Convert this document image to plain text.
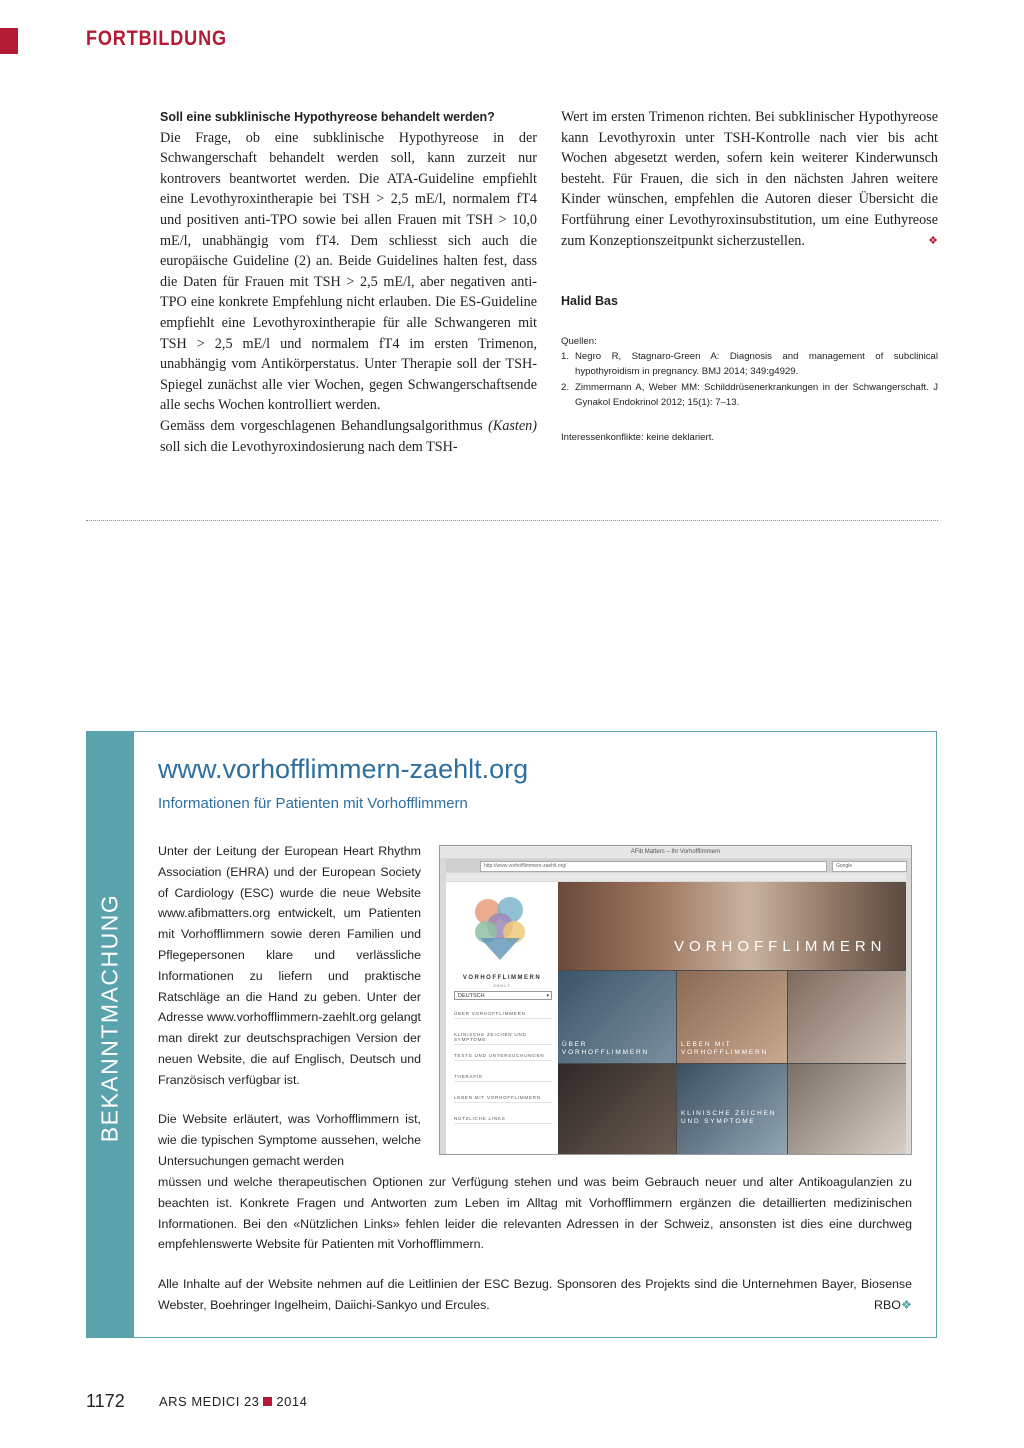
FORTBILDUNG

Soll eine subklinische Hypothyreose behandelt werden?

Die Frage, ob eine subklinische Hypothyreose in der Schwangerschaft behandelt werden soll, kann zurzeit nur kontrovers beantwortet werden. Die ATA-Guideline empfiehlt eine Levothyroxintherapie bei TSH > 2,5 mE/l, normalem fT4 und positiven anti-TPO sowie bei allen Frauen mit TSH > 10,0 mE/l, unabhängig vom fT4. Dem schliesst sich auch die europäische Guideline (2) an. Beide Guidelines halten fest, dass die Daten für Frauen mit TSH > 2,5 mE/l, aber negativen anti-TPO eine konkrete Empfehlung nicht erlauben. Die ES-Guideline empfiehlt eine Levothyroxintherapie für alle Schwangeren mit TSH > 2,5 mE/l und normalem fT4 im ersten Trimenon, unabhängig vom Antikörperstatus. Unter Therapie soll der TSH-Spiegel zunächst alle vier Wochen, gegen Schwangerschaftsende alle sechs Wochen kontrolliert werden.

Gemäss dem vorgeschlagenen Behandlungsalgorithmus (Kasten) soll sich die Levothyroxindosierung nach dem TSH-

Wert im ersten Trimenon richten. Bei subklinischer Hypothyreose kann Levothyroxin unter TSH-Kontrolle nach vier bis acht Wochen abgesetzt werden, sofern kein weiterer Kinderwunsch besteht. Für Frauen, die sich in den nächsten Jahren weitere Kinder wünschen, empfehlen die Autoren dieser Übersicht die Fortführung einer Levothyroxinsubstitution, um eine Euthyreose zum Konzeptionszeitpunkt sicherzustellen.	❖

Halid Bas
Quellen:
1. Negro R, Stagnaro-Green A: Diagnosis and management of subclinical hypothyroidism in pregnancy. BMJ 2014; 349:g4929.
2. Zimmermann A, Weber MM: Schilddrüsenerkrankungen in der Schwangerschaft. J Gynakol Endokrinol 2012; 15(1): 7–13.
Interessenkonflikte: keine deklariert.
BEKANNTMACHUNG
www.vorhofflimmern-zaehlt.org
Informationen für Patienten mit Vorhofflimmern
Unter der Leitung der European Heart Rhythm Association (EHRA) und der European Society of Cardiology (ESC) wurde die neue Website www.afibmatters.org entwickelt, um Patienten mit Vorhofflimmern sowie deren Familien und Pflegepersonen klare und verlässliche Informationen zu liefern und praktische Ratschläge an die Hand zu geben. Unter der Adresse www.vorhofflimmern-zaehlt.org gelangt man direkt zur deutschsprachigen Version der neuen Website, die auf Englisch, Deutsch und Französisch verfügbar ist.
Die Website erläutert, was Vorhofflimmern ist, wie die typischen Symptome aussehen, welche Untersuchungen gemacht werden
müssen und welche therapeutischen Optionen zur Verfügung stehen und was beim Gebrauch neuer und alter Antikoagulanzien zu beachten ist. Konkrete Fragen und Antworten zum Leben im Alltag mit Vorhofflimmern ergänzen die detaillierten medizinischen Informationen. Bei den «Nützlichen Links» fehlen leider die relevanten Adressen in der Schweiz, ansonsten ist dies eine durchweg empfehlenswerte Website für Patienten mit Vorhofflimmern.
Alle Inhalte auf der Website nehmen auf die Leitlinien der ESC Bezug. Sponsoren des Projekts sind die Unternehmen Bayer, Biosense Webster, Boehringer Ingelheim, Daiichi-Sankyo und Ercules.	RBO❖
AFib Matters – Ihr Vorhofflimmern
http://www.vorhofflimmern-zaehlt.org/	Google
VORHOFFLIMMERN
ZÄHLT
DEUTSCH	▾
ÜBER VORHOFFLIMMERN
KLINISCHE ZEICHEN UND SYMPTOME
TESTS UND UNTERSUCHUNGEN
THERAPIE
LEBEN MIT VORHOFFLIMMERN
NÜTZLICHE LINKS
VORHOFFLIMMERN
ÜBER VORHOFFLIMMERN
LEBEN MIT VORHOFFLIMMERN
KLINISCHE ZEICHEN UND SYMPTOME
1172	ARS MEDICI 23 2014
